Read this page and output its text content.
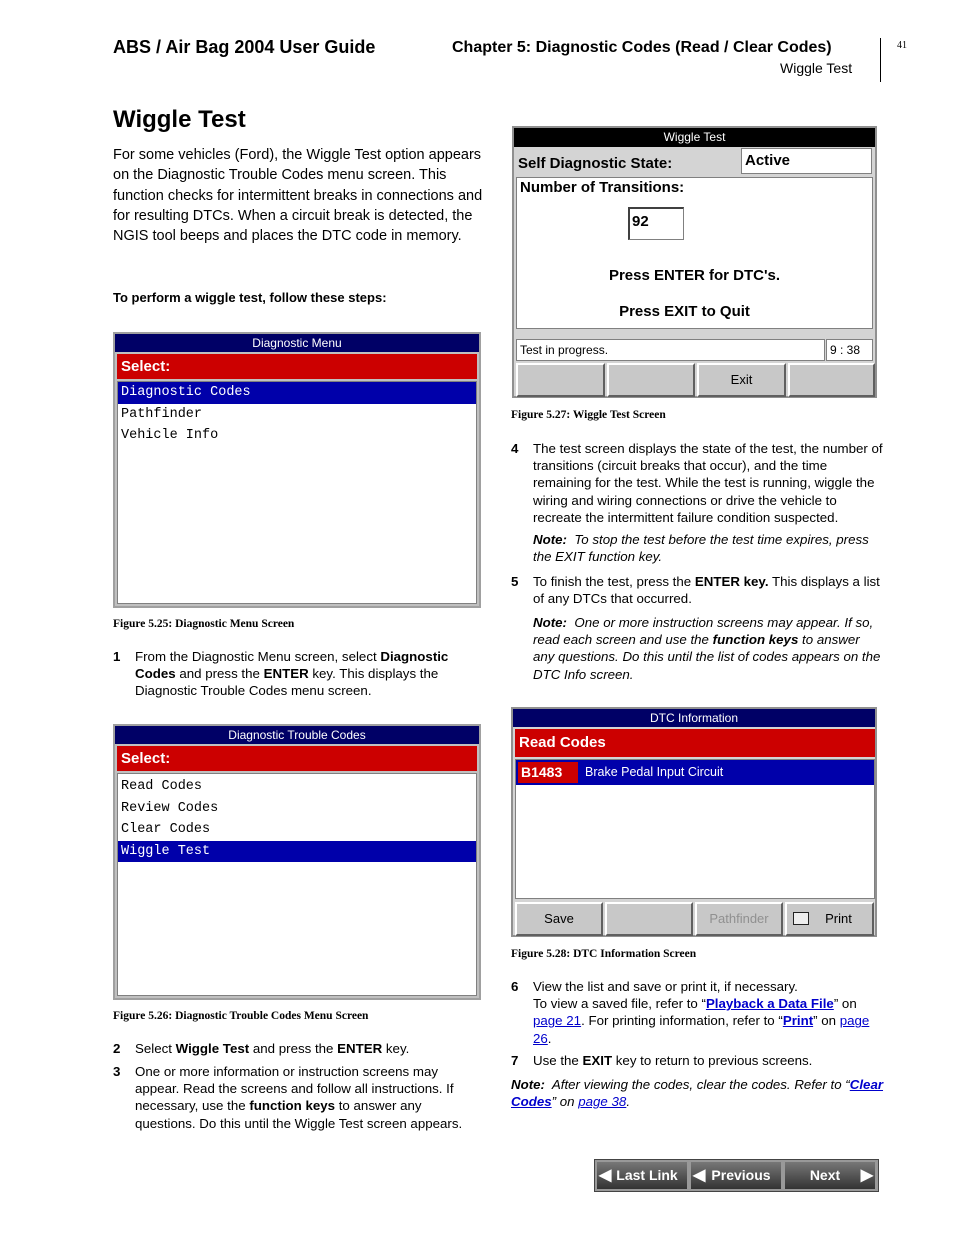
ABS / Air Bag 2004 User Guide	Chapter 5: Diagnostic Codes (Read / Clear Codes)
Wiggle Test
41
Wiggle Test

For some vehicles (Ford), the Wiggle Test option appears on the Diagnostic Trouble Codes menu screen. This function checks for intermittent breaks in connections and for resulting DTCs. When a circuit break is detected, the NGIS tool beeps and places the DTC code in memory.

To perform a wiggle test, follow these steps:

Diagnostic Menu
Select:
Diagnostic Codes
Pathfinder
Vehicle Info
Figure 5.25: Diagnostic Menu Screen
1 From the Diagnostic Menu screen, select Diagnostic Codes and press the ENTER key. This displays the Diagnostic Trouble Codes menu screen.
Diagnostic Trouble Codes
Select:
Read Codes
Review Codes
Clear Codes
Wiggle Test
Figure 5.26: Diagnostic Trouble Codes Menu Screen
2 Select Wiggle Test and press the ENTER key.
3 One or more information or instruction screens may appear. Read the screens and follow all instructions. If necessary, use the function keys to answer any questions. Do this until the Wiggle Test screen appears.
Wiggle Test
Self Diagnostic State:	Active
Number of Transitions:
92
Press ENTER for DTC's.
Press EXIT to Quit
Test in progress.	9 : 38
Exit
Figure 5.27: Wiggle Test Screen
4 The test screen displays the state of the test, the number of transitions (circuit breaks that occur), and the time remaining for the test. While the test is running, wiggle the wiring and wiring connections or drive the vehicle to recreate the intermittent failure condition suspected.
Note: To stop the test before the test time expires, press the EXIT function key.
5 To finish the test, press the ENTER key. This displays a list of any DTCs that occurred.
Note: One or more instruction screens may appear. If so, read each screen and use the function keys to answer any questions. Do this until the list of codes appears on the DTC Info screen.
DTC Information
Read Codes
B1483	Brake Pedal Input Circuit
Save	Pathfinder	Print
Figure 5.28: DTC Information Screen
6 View the list and save or print it, if necessary.
To view a saved file, refer to “Playback a Data File” on page 21. For printing information, refer to “Print” on page 26.
7 Use the EXIT key to return to previous screens.
Note: After viewing the codes, clear the codes. Refer to “Clear Codes” on page 38.
◀ Last Link ◀ Previous	Next ▶
